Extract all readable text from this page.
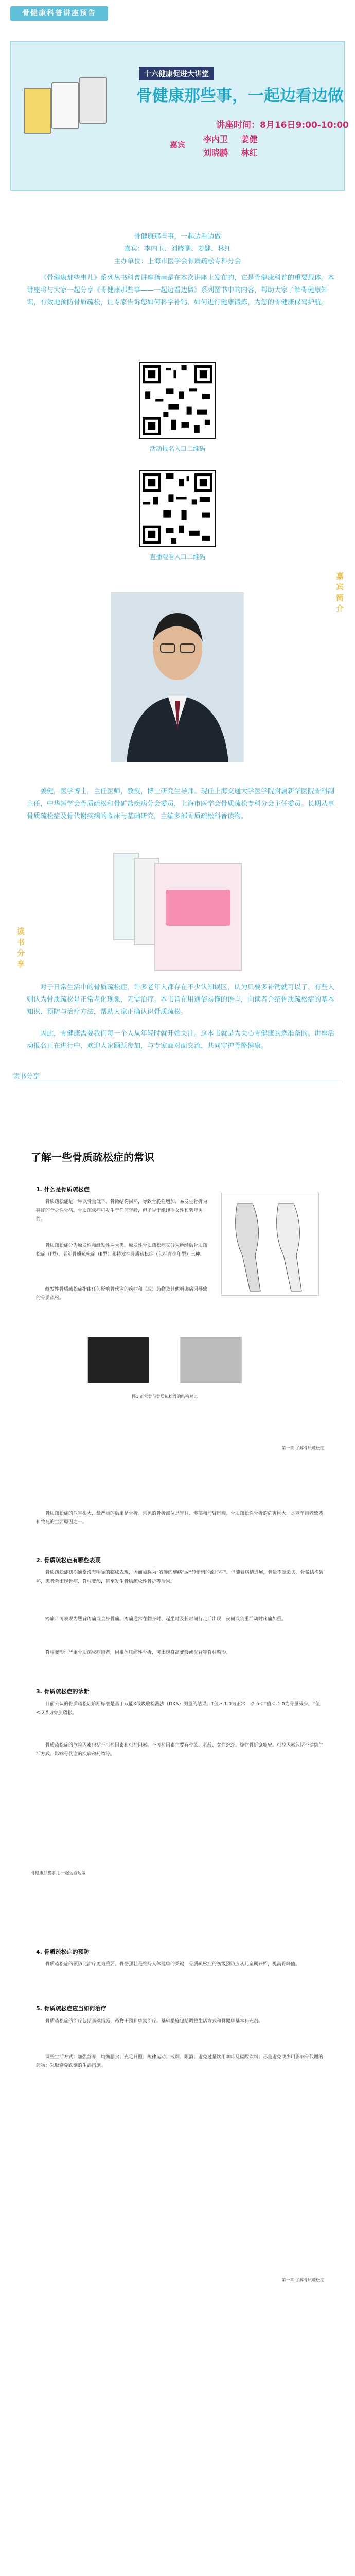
骨健康科普讲座预告
十六健康促进大讲堂
骨健康那些事，一起边看边做
讲座时间：8月16日9:00-10:00
嘉宾
李内卫 姜健
刘晓鹏 林红
骨健康那些事，一起边看边做
嘉宾：李内卫、刘晓鹏、姜健、林红
主办单位：上海市医学会骨质疏松专科分会
《骨健康那些事儿》系列丛书科普讲座指南是在本次讲座上发布的，它是骨健康科普的重要载体。本讲座将与大家一起分享《骨健康那些事——一起边看边做》系列图书中的内容，帮助大家了解骨健康知识，有效地预防骨质疏松，让专家告诉您如何科学补钙、如何进行健康锻炼，为您的骨健康保驾护航。
活动报名入口二维码
直播观看入口二维码
嘉宾简介
姜健，医学博士，主任医师，教授，博士研究生导师。现任上海交通大学医学院附属新华医院骨科副主任，中华医学会骨质疏松和骨矿盐疾病分会委员，上海市医学会骨质疏松专科分会主任委员。长期从事骨质疏松症及骨代谢疾病的临床与基础研究，主编多部骨质疏松科普读物。
读书分享
对于日常生活中的骨质疏松症，许多老年人都存在不少认知误区，认为只要多补钙就可以了，有些人则认为骨质疏松是正常老化现象，无需治疗。本书旨在用通俗易懂的语言，向读者介绍骨质疏松症的基本知识、预防与治疗方法，帮助大家正确认识骨质疏松。
因此，骨健康需要我们每一个人从年轻时就开始关注。这本书就是为关心骨健康的您准备的。讲座活动报名正在进行中，欢迎大家踊跃参加，与专家面对面交流，共同守护骨骼健康。
读书分享
了解一些骨质疏松症的常识
1. 什么是骨质疏松症
骨质疏松症是一种以骨量低下、骨微结构损坏，导致骨脆性增加、易发生骨折为特征的全身性骨病。骨质疏松症可发生于任何年龄，但多见于绝经后女性和老年男性。
骨质疏松症分为原发性和继发性两大类。原发性骨质疏松症又分为绝经后骨质疏松症（I型）、老年骨质疏松症（II型）和特发性骨质疏松症（包括青少年型）三种。
继发性骨质疏松症指由任何影响骨代谢的疾病和（或）药物及其他明确病因导致的骨质疏松。
图1 正常骨与骨质疏松骨的结构对比
第一章 了解骨质疏松症
骨质疏松症的危害很大，最严重的后果是骨折。常见的骨折部位是脊柱、髋部和前臂远端。骨质疏松性骨折的危害巨大，是老年患者致残和致死的主要原因之一。
2. 骨质疏松症有哪些表现
骨质疏松症初期通常没有明显的临床表现，因而被称为“寂静的疾病”或“静悄悄的流行病”。但随着病情进展，骨量不断丢失，骨微结构破坏，患者会出现骨痛、脊柱变形，甚至发生骨质疏松性骨折等后果。
疼痛：可表现为腰背疼痛或全身骨痛。疼痛通常在翻身时、起坐时及长时间行走后出现，夜间或负重活动时疼痛加重。
脊柱变形：严重骨质疏松症患者，因椎体压缩性骨折，可出现身高变矮或驼背等脊柱畸形。
3. 骨质疏松症的诊断
目前公认的骨质疏松症诊断标准是基于双能X线吸收检测法（DXA）测量的结果。T值≥-1.0为正常，-2.5＜T值＜-1.0为骨量减少，T值≤-2.5为骨质疏松。
骨质疏松症的危险因素包括不可控因素和可控因素。不可控因素主要有种族、老龄、女性绝经、脆性骨折家族史。可控因素包括不健康生活方式、影响骨代谢的疾病和药物等。
骨健康那些事儿 一起边看边做
4. 骨质疏松症的预防
骨质疏松症的预防比治疗更为重要。骨骼强壮是维持人体健康的关键，骨质疏松症的初级预防应从儿童期开始，提高骨峰值。
5. 骨质疏松症应当如何治疗
骨质疏松症的治疗包括基础措施、药物干预和康复治疗。基础措施包括调整生活方式和骨健康基本补充剂。
调整生活方式：加强营养，均衡膳食；充足日照；规律运动；戒烟、限酒；避免过量饮用咖啡及碳酸饮料；尽量避免或少用影响骨代谢的药物；采取避免跌倒的生活措施。
第一章 了解骨质疏松症
